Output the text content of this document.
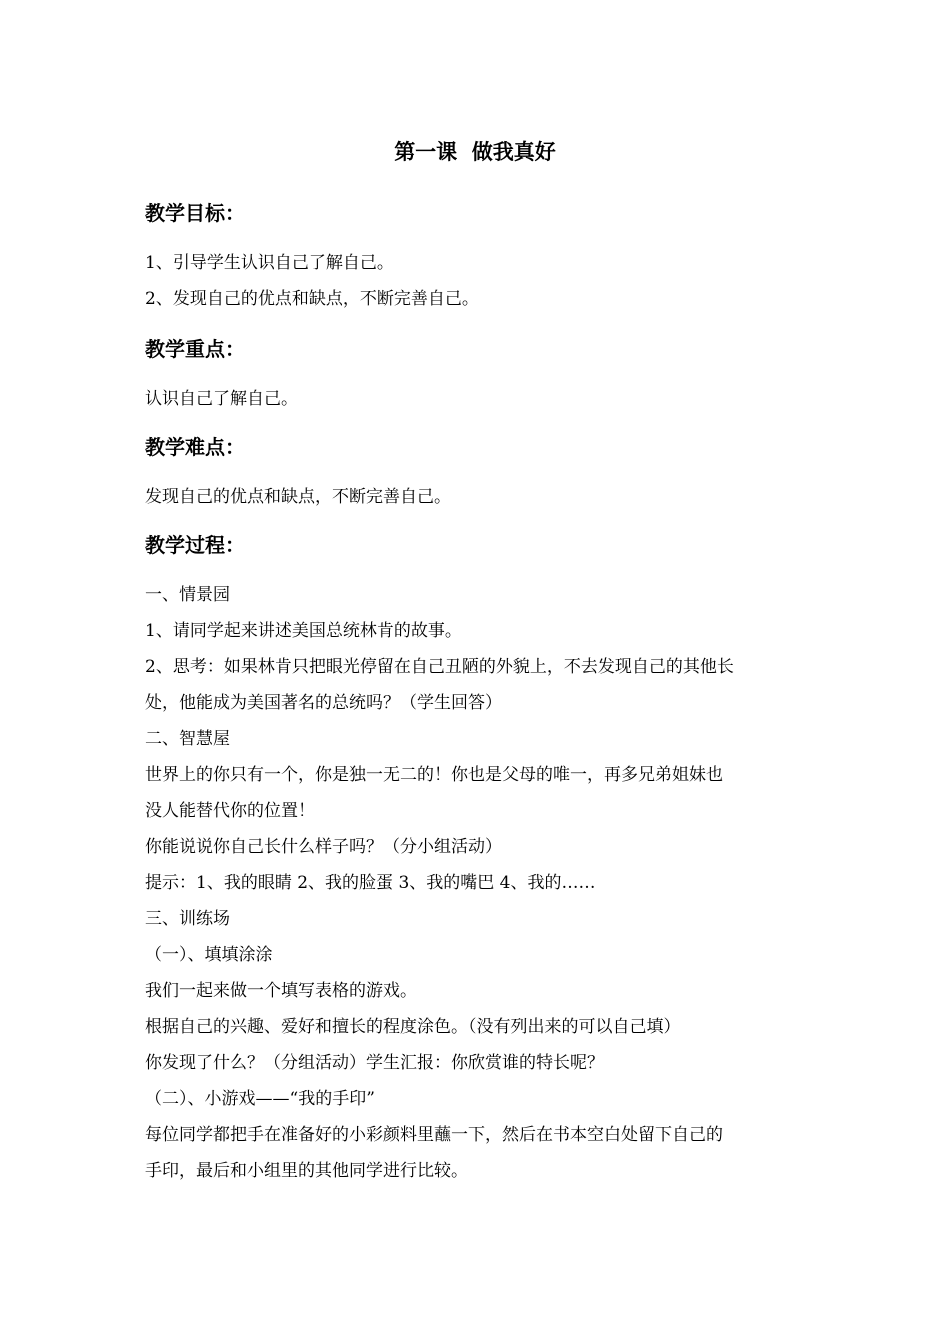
第一课  做我真好
教学目标：
1、引导学生认识自己了解自己。
2、发现自己的优点和缺点，不断完善自己。
教学重点：
认识自己了解自己。
教学难点：
发现自己的优点和缺点，不断完善自己。
教学过程：
一、情景园
1、请同学起来讲述美国总统林肯的故事。
2、思考：如果林肯只把眼光停留在自己丑陋的外貌上，不去发现自己的其他长
处，他能成为美国著名的总统吗？（学生回答）
二、智慧屋
世界上的你只有一个，你是独一无二的！你也是父母的唯一，再多兄弟姐妹也
没人能替代你的位置！
你能说说你自己长什么样子吗？（分小组活动）
提示：1、我的眼睛 2、我的脸蛋 3、我的嘴巴 4、我的……
三、训练场
（一）、填填涂涂
我们一起来做一个填写表格的游戏。
根据自己的兴趣、爱好和擅长的程度涂色。（没有列出来的可以自己填）
你发现了什么？（分组活动）学生汇报：你欣赏谁的特长呢？
（二）、小游戏——“我的手印”
每位同学都把手在准备好的小彩颜料里蘸一下，然后在书本空白处留下自己的
手印，最后和小组里的其他同学进行比较。
